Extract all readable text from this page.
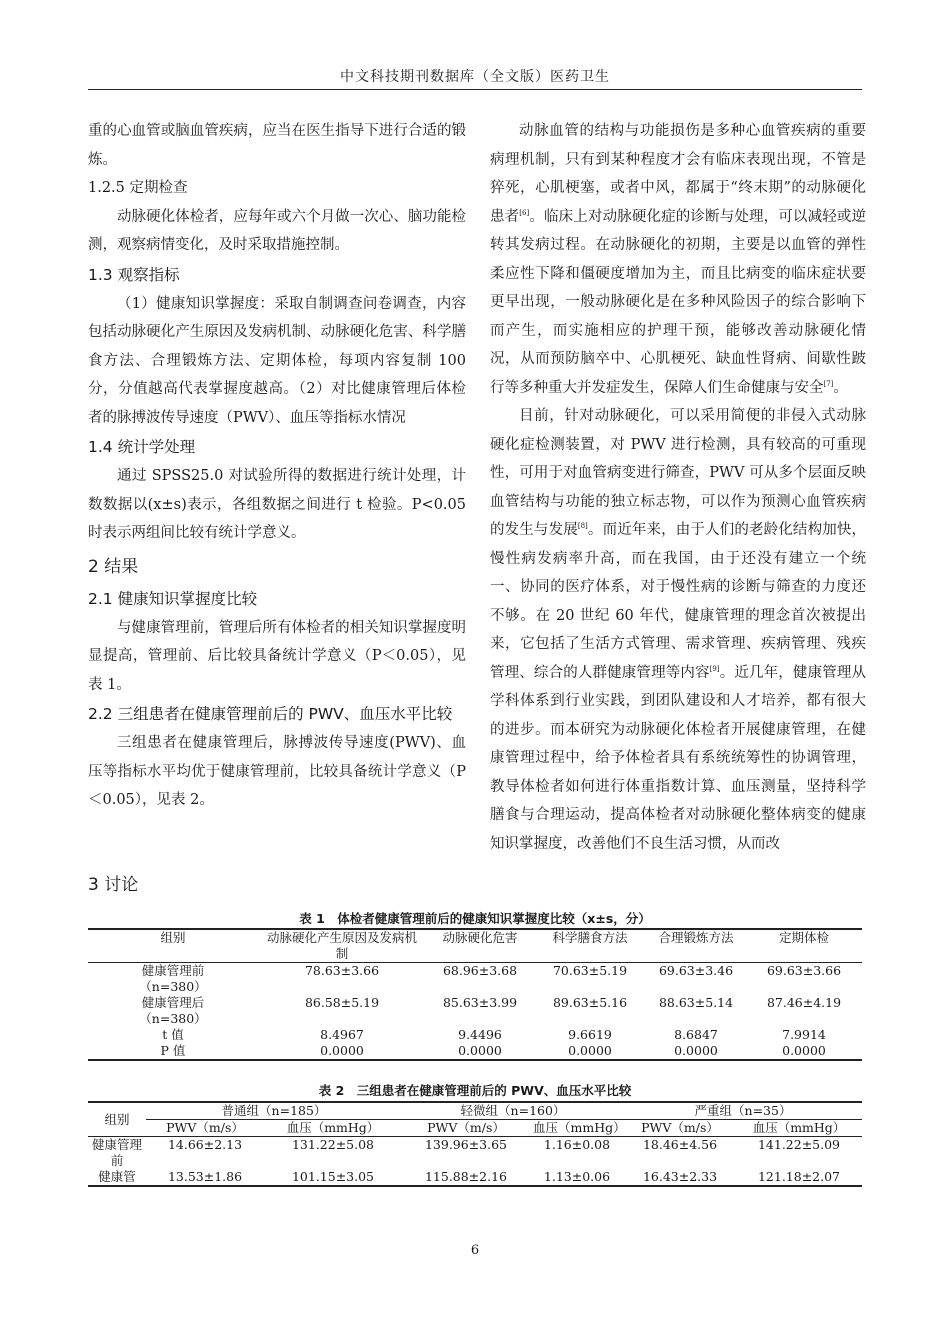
中文科技期刊数据库（全文版）医药卫生

重的心血管或脑血管疾病，应当在医生指导下进行合适的锻炼。

1.2.5 定期检查

动脉硬化体检者，应每年或六个月做一次心、脑功能检测，观察病情变化，及时采取措施控制。

1.3 观察指标

（1）健康知识掌握度：采取自制调查问卷调查，内容包括动脉硬化产生原因及发病机制、动脉硬化危害、科学膳食方法、合理锻炼方法、定期体检，每项内容复制 100 分，分值越高代表掌握度越高。（2）对比健康管理后体检者的脉搏波传导速度（PWV）、血压等指标水情况

1.4 统计学处理

通过 SPSS25.0 对试验所得的数据进行统计处理，计数数据以(x±s)表示，各组数据之间进行 t 检验。P<0.05 时表示两组间比较有统计学意义。

2 结果

2.1 健康知识掌握度比较

与健康管理前，管理后所有体检者的相关知识掌握度明显提高，管理前、后比较具备统计学意义（P＜0.05），见表 1。

2.2 三组患者在健康管理前后的 PWV、血压水平比较

三组患者在健康管理后，脉搏波传导速度(PWV)、血压等指标水平均优于健康管理前，比较具备统计学意义（P＜0.05），见表 2。

动脉血管的结构与功能损伤是多种心血管疾病的重要病理机制，只有到某种程度才会有临床表现出现，不管是猝死，心肌梗塞，或者中风，都属于“终末期”的动脉硬化患者[6]。临床上对动脉硬化症的诊断与处理，可以减轻或逆转其发病过程。在动脉硬化的初期，主要是以血管的弹性柔应性下降和僵硬度增加为主，而且比病变的临床症状要更早出现，一般动脉硬化是在多种风险因子的综合影响下而产生，而实施相应的护理干预，能够改善动脉硬化情况，从而预防脑卒中、心肌梗死、缺血性肾病、间歇性跛行等多种重大并发症发生，保障人们生命健康与安全[7]。

目前，针对动脉硬化，可以采用简便的非侵入式动脉硬化症检测装置，对 PWV 进行检测，具有较高的可重现性，可用于对血管病变进行筛查，PWV 可从多个层面反映血管结构与功能的独立标志物，可以作为预测心血管疾病的发生与发展[8]。而近年来，由于人们的老龄化结构加快，慢性病发病率升高，而在我国，由于还没有建立一个统一、协同的医疗体系，对于慢性病的诊断与筛查的力度还不够。在 20 世纪 60 年代，健康管理的理念首次被提出来，它包括了生活方式管理、需求管理、疾病管理、残疾管理、综合的人群健康管理等内容[9]。近几年，健康管理从学科体系到行业实践，到团队建设和人才培养，都有很大的进步。而本研究为动脉硬化体检者开展健康管理，在健康管理过程中，给予体检者具有系统统筹性的协调管理，教导体检者如何进行体重指数计算、血压测量，坚持科学膳食与合理运动，提高体检者对动脉硬化整体病变的健康知识掌握度，改善他们不良生活习惯，从而改

3 讨论

表 1　体检者健康管理前后的健康知识掌握度比较（x±s，分）
组别	动脉硬化产生原因及发病机制	动脉硬化危害	科学膳食方法	合理锻炼方法	定期体检

健康管理前
（n=380）	78.63±3.66	68.96±3.68	70.63±5.19	69.63±3.46	69.63±3.66

健康管理后
（n=380）	86.58±5.19	85.63±3.99	89.63±5.16	88.63±5.14	87.46±4.19
t 值	8.4967	9.4496	9.6619	8.6847	7.9914
P 值	0.0000	0.0000	0.0000	0.0000	0.0000
表 2　三组患者在健康管理前后的 PWV、血压水平比较
组别	普通组（n=185）		轻微组（n=160）		严重组（n=35）	
	PWV（m/s）	血压（mmHg）	PWV（m/s）	血压（mmHg）	PWV（m/s）	血压（mmHg）
健康管理前	14.66±2.13	131.22±5.08	139.96±3.65	1.16±0.08	18.46±4.56	141.22±5.09
健康管	13.53±1.86	101.15±3.05	115.88±2.16	1.13±0.06	16.43±2.33	121.18±2.07
6
